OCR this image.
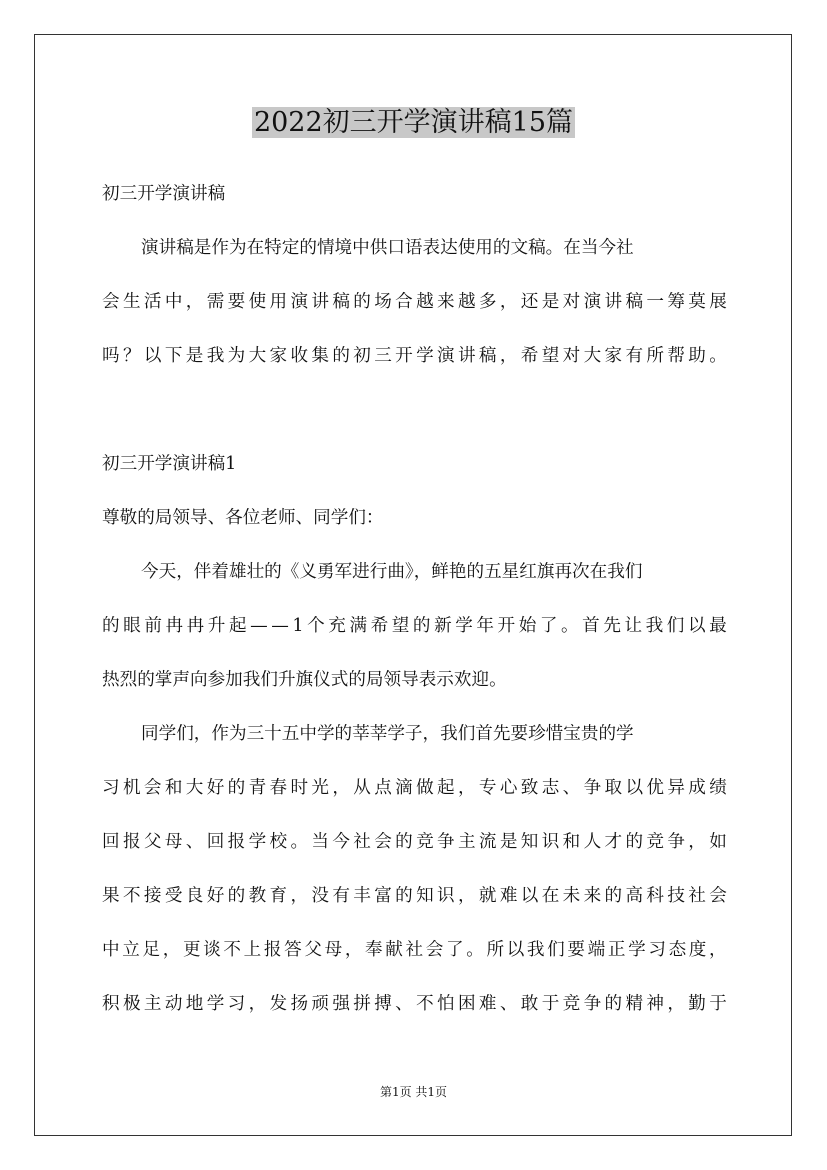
2022初三开学演讲稿15篇

初三开学演讲稿

演讲稿是作为在特定的情境中供口语表达使用的文稿。在当今社

会 生 活 中 ， 需 要 使 用 演 讲 稿 的 场 合 越 来 越 多 ， 还 是 对 演 讲 稿 一 筹 莫 展

吗 ？ 以 下 是 我 为 大 家 收 集 的 初 三 开 学 演 讲 稿 ， 希 望 对 大 家 有 所 帮 助 。

初三开学演讲稿1

尊敬的局领导、各位老师、同学们：

今天，伴着雄壮的《义勇军进行曲》，鲜艳的五星红旗再次在我们

的 眼 前 冉 冉 升 起 — — 1 个 充 满 希 望 的 新 学 年 开 始 了 。 首 先 让 我 们 以 最

热烈的掌声向参加我们升旗仪式的局领导表示欢迎。

同学们，作为三十五中学的莘莘学子，我们首先要珍惜宝贵的学

习 机 会 和 大 好 的 青 春 时 光 ， 从 点 滴 做 起 ， 专 心 致 志 、 争 取 以 优 异 成 绩

回 报 父 母 、 回 报 学 校 。 当 今 社 会 的 竞 争 主 流 是 知 识 和 人 才 的 竞 争 ， 如

果 不 接 受 良 好 的 教 育 ， 没 有 丰 富 的 知 识 ， 就 难 以 在 未 来 的 高 科 技 社 会

中 立 足 ， 更 谈 不 上 报 答 父 母 ， 奉 献 社 会 了 。 所 以 我 们 要 端 正 学 习 态 度 ，

积 极 主 动 地 学 习 ， 发 扬 顽 强 拼 搏 、 不 怕 困 难 、 敢 于 竞 争 的 精 神 ， 勤 于

第1页 共1页
